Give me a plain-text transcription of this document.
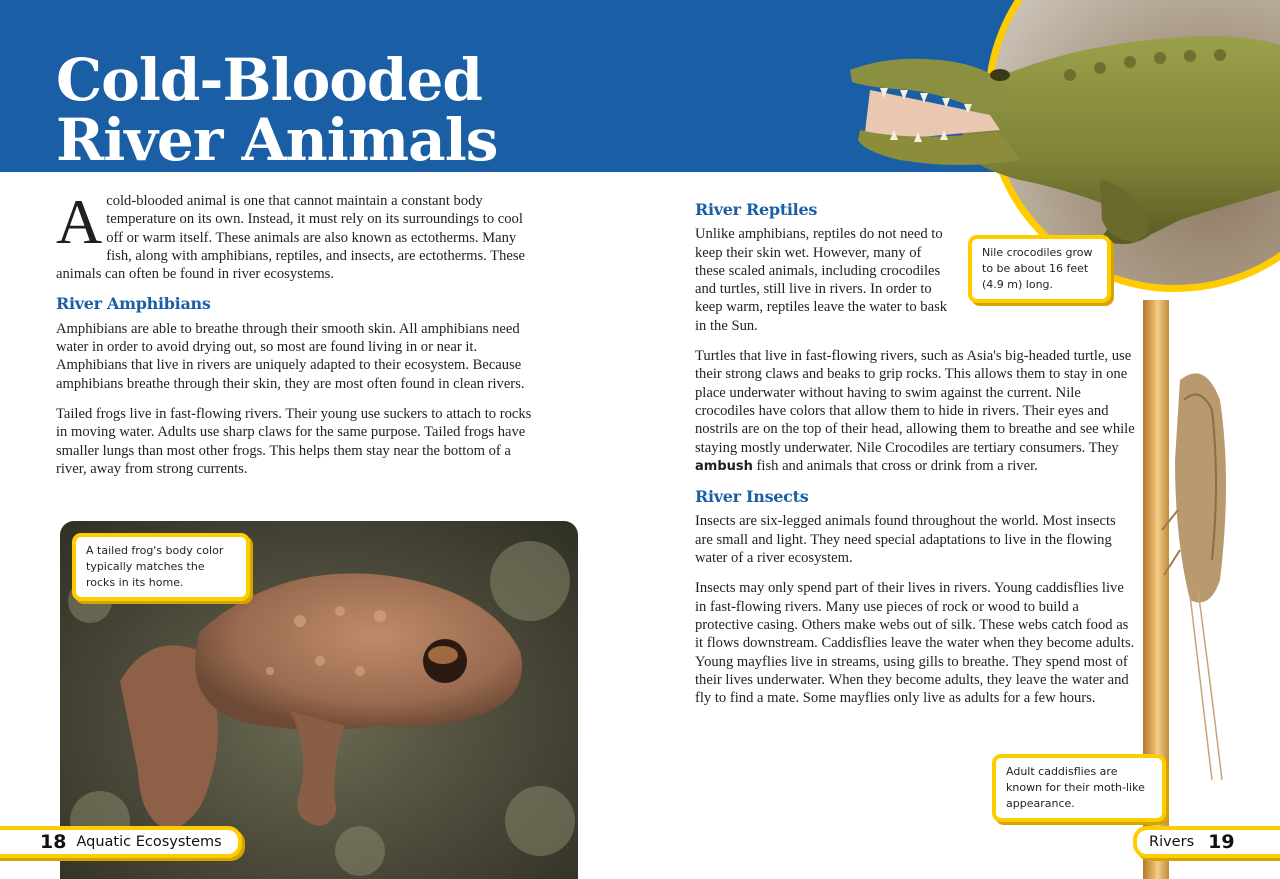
Cold-Blooded
River Animals
Nile crocodiles grow to be about 16 feet (4.9 m) long.

Acold-blooded animal is one that cannot maintain a constant body temperature on its own. Instead, it must rely on its surroundings to cool off or warm itself. These animals are also known as ectotherms. Many fish, along with amphibians, reptiles, and insects, are ectotherms. These animals can often be found in river ecosystems.

River Amphibians

Amphibians are able to breathe through their smooth skin. All amphibians need water in order to avoid drying out, so most are found living in or near it. Amphibians that live in rivers are uniquely adapted to their ecosystem. Because amphibians breathe through their skin, they are most often found in clean rivers.

Tailed frogs live in fast-flowing rivers. Their young use suckers to attach to rocks in moving water. Adults use sharp claws for the same purpose. Tailed frogs have smaller lungs than most other frogs. This helps them stay near the bottom of a river, away from strong currents.

A tailed frog's body color typically matches the rocks in its home.
River Reptiles

Unlike amphibians, reptiles do not need to keep their skin wet. However, many of these scaled animals, including crocodiles and turtles, still live in rivers. In order to keep warm, reptiles leave the water to bask in the Sun.

Turtles that live in fast-flowing rivers, such as Asia's big-headed turtle, use their strong claws and beaks to grip rocks. This allows them to stay in one place underwater without having to swim against the current. Nile crocodiles have colors that allow them to hide in rivers. Their eyes and nostrils are on the top of their head, allowing them to breathe and see while staying mostly underwater. Nile Crocodiles are tertiary consumers. They ambush fish and animals that cross or drink from a river.

River Insects

Insects are six-legged animals found throughout the world. Most insects are small and light. They need special adaptations to live in the flowing water of a river ecosystem.

Insects may only spend part of their lives in rivers. Young caddisflies live in fast-flowing rivers. Many use pieces of rock or wood to build a protective casing. Others make webs out of silk. These webs catch food as it flows downstream. Caddisflies leave the water when they become adults. Young mayflies live in streams, using gills to breathe. They spend most of their lives underwater. When they become adults, they leave the water and fly to find a mate. Some mayflies only live as adults for a few hours.

Adult caddisflies are known for their moth-like appearance.
18 Aquatic Ecosystems	Rivers 19
